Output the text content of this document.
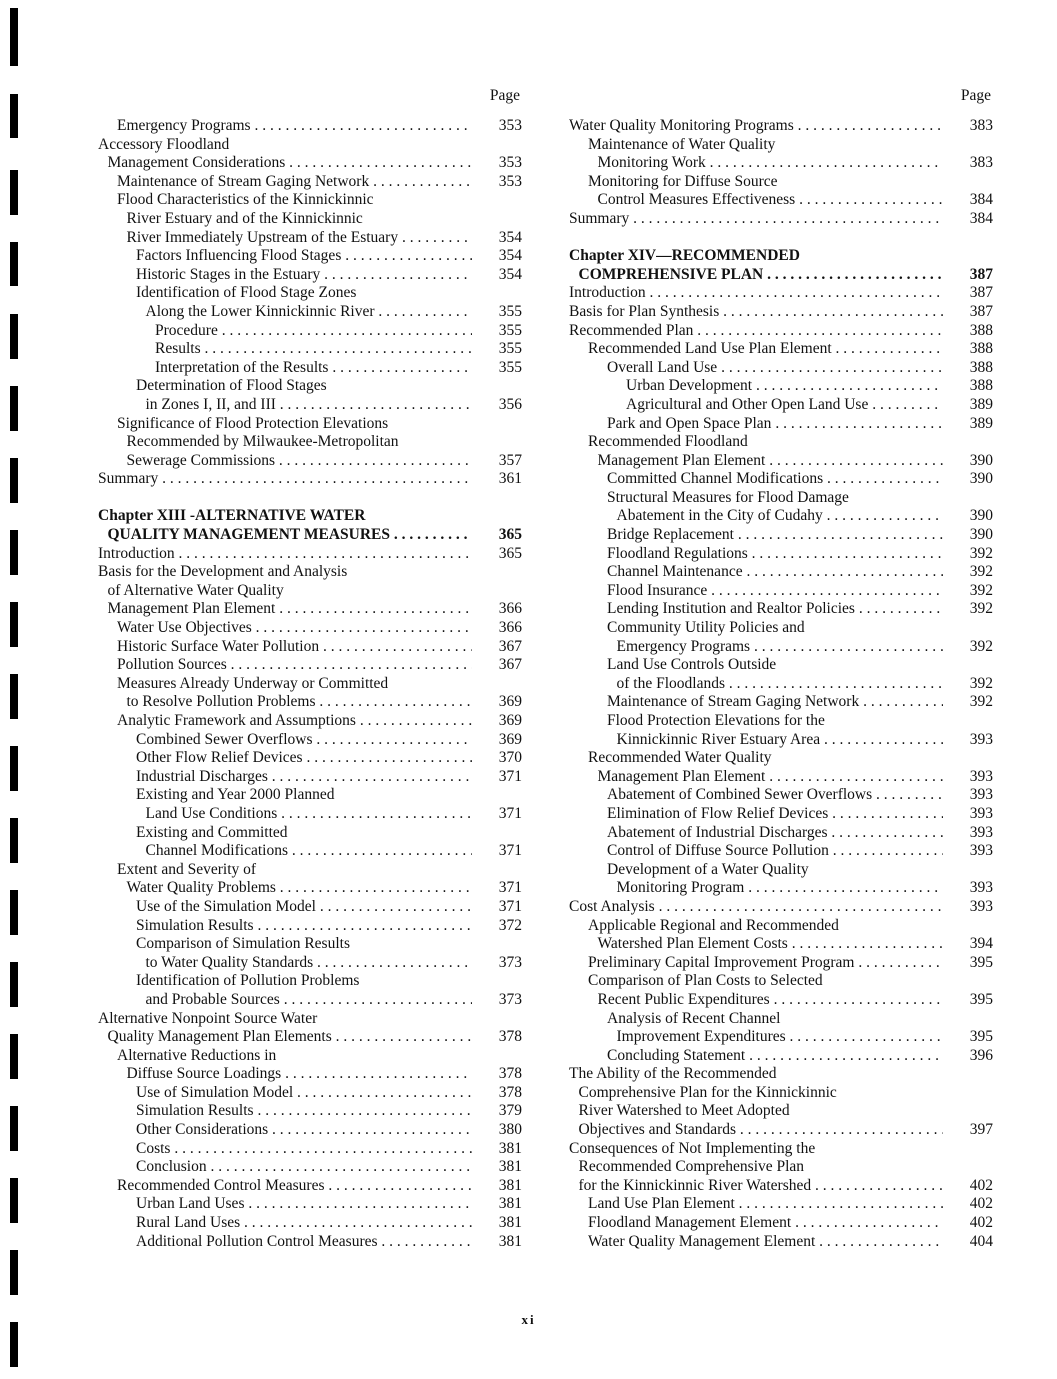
Page
Emergency Programs . . .	353
Accessory Floodland
Management Considerations . . .	353
Maintenance of Stream Gaging Network . . .	353
Flood Characteristics of the Kinnickinnic
River Estuary and of the Kinnickinnic
River Immediately Upstream of the Estuary . . .	354
Factors Influencing Flood Stages . . .	354
Historic Stages in the Estuary . . .	354
Identification of Flood Stage Zones
Along the Lower Kinnickinnic River . . .	355
Procedure . . .	355
Results . . .	355
Interpretation of the Results . . .	355
Determination of Flood Stages
in Zones I, II, and III . . .	356
Significance of Flood Protection Elevations
Recommended by Milwaukee-Metropolitan
Sewerage Commissions . . .	357
Summary . . .	361
Chapter XIII -ALTERNATIVE WATER
QUALITY MANAGEMENT MEASURES . . .	365
Introduction . . .	365
Basis for the Development and Analysis
of Alternative Water Quality
Management Plan Element . . .	366
Water Use Objectives . . .	366
Historic Surface Water Pollution . . .	367
Pollution Sources . . .	367
Measures Already Underway or Committed
to Resolve Pollution Problems . . .	369
Analytic Framework and Assumptions . . .	369
Combined Sewer Overflows . . .	369
Other Flow Relief Devices . . .	370
Industrial Discharges . . .	371
Existing and Year 2000 Planned
Land Use Conditions . . .	371
Existing and Committed
Channel Modifications . . .	371
Extent and Severity of
Water Quality Problems . . .	371
Use of the Simulation Model . . .	371
Simulation Results . . .	372
Comparison of Simulation Results
to Water Quality Standards . . .	373
Identification of Pollution Problems
and Probable Sources . . .	373
Alternative Nonpoint Source Water
Quality Management Plan Elements . . .	378
Alternative Reductions in
Diffuse Source Loadings . . .	378
Use of Simulation Model . . .	378
Simulation Results . . .	379
Other Considerations . . .	380
Costs . . .	381
Conclusion . . .	381
Recommended Control Measures . . .	381
Urban Land Uses . . .	381
Rural Land Uses . . .	381
Additional Pollution Control Measures . . .	381
Page
Water Quality Monitoring Programs . . .	383
Maintenance of Water Quality
Monitoring Work . . .	383
Monitoring for Diffuse Source
Control Measures Effectiveness . . .	384
Summary . . .	384
Chapter XIV—RECOMMENDED
COMPREHENSIVE PLAN . . .	387
Introduction . . .	387
Basis for Plan Synthesis . . .	387
Recommended Plan . . .	388
Recommended Land Use Plan Element . . .	388
Overall Land Use . . .	388
Urban Development . . .	388
Agricultural and Other Open Land Use . . .	389
Park and Open Space Plan . . .	389
Recommended Floodland
Management Plan Element . . .	390
Committed Channel Modifications . . .	390
Structural Measures for Flood Damage
Abatement in the City of Cudahy . . .	390
Bridge Replacement . . .	390
Floodland Regulations . . .	392
Channel Maintenance . . .	392
Flood Insurance . . .	392
Lending Institution and Realtor Policies . . .	392
Community Utility Policies and
Emergency Programs . . .	392
Land Use Controls Outside
of the Floodlands . . .	392
Maintenance of Stream Gaging Network . . .	392
Flood Protection Elevations for the
Kinnickinnic River Estuary Area . . .	393
Recommended Water Quality
Management Plan Element . . .	393
Abatement of Combined Sewer Overflows . . .	393
Elimination of Flow Relief Devices . . .	393
Abatement of Industrial Discharges . . .	393
Control of Diffuse Source Pollution . . .	393
Development of a Water Quality
Monitoring Program . . .	393
Cost Analysis . . .	393
Applicable Regional and Recommended
Watershed Plan Element Costs . . .	394
Preliminary Capital Improvement Program . . .	395
Comparison of Plan Costs to Selected
Recent Public Expenditures . . .	395
Analysis of Recent Channel
Improvement Expenditures . . .	395
Concluding Statement . . .	396
The Ability of the Recommended
Comprehensive Plan for the Kinnickinnic
River Watershed to Meet Adopted
Objectives and Standards . . .	397
Consequences of Not Implementing the
Recommended Comprehensive Plan
for the Kinnickinnic River Watershed . . .	402
Land Use Plan Element . . .	402
Floodland Management Element . . .	402
Water Quality Management Element . . .	404
xi
